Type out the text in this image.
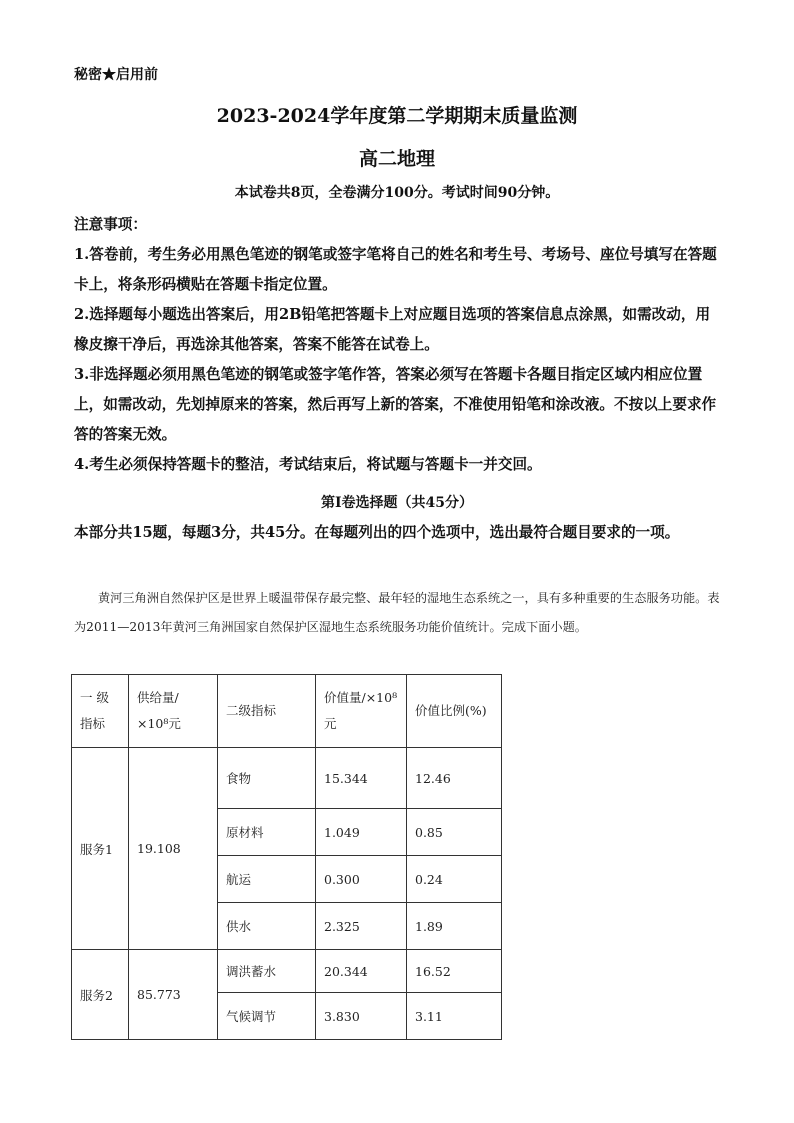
秘密★启用前
2023-2024学年度第二学期期末质量监测
高二地理
本试卷共8页，全卷满分100分。考试时间90分钟。

注意事项：

1.答卷前，考生务必用黑色笔迹的钢笔或签字笔将自己的姓名和考生号、考场号、座位号填写在答题卡上，将条形码横贴在答题卡指定位置。

2.选择题每小题选出答案后，用2B铅笔把答题卡上对应题目选项的答案信息点涂黑，如需改动，用橡皮擦干净后，再选涂其他答案，答案不能答在试卷上。

3.非选择题必须用黑色笔迹的钢笔或签字笔作答，答案必须写在答题卡各题目指定区域内相应位置上，如需改动，先划掉原来的答案，然后再写上新的答案，不准使用铅笔和涂改液。不按以上要求作答的答案无效。

4.考生必须保持答题卡的整洁，考试结束后，将试题与答题卡一并交回。

第Ⅰ卷选择题（共45分）
本部分共15题，每题3分，共45分。在每题列出的四个选项中，选出最符合题目要求的一项。
黄河三角洲自然保护区是世界上暖温带保存最完整、最年轻的湿地生态系统之一，具有多种重要的生态服务功能。表为2011—2013年黄河三角洲国家自然保护区湿地生态系统服务功能价值统计。完成下面小题。
一 级指标	供给量/×10⁸元	二级指标	价值量/×10⁸元	价值比例(%)
服务1	19.108	食物	15.344	12.46
		原材料	1.049	0.85
		航运	0.300	0.24
		供水	2.325	1.89
服务2	85.773	调洪蓄水	20.344	16.52
		气候调节	3.830	3.11
